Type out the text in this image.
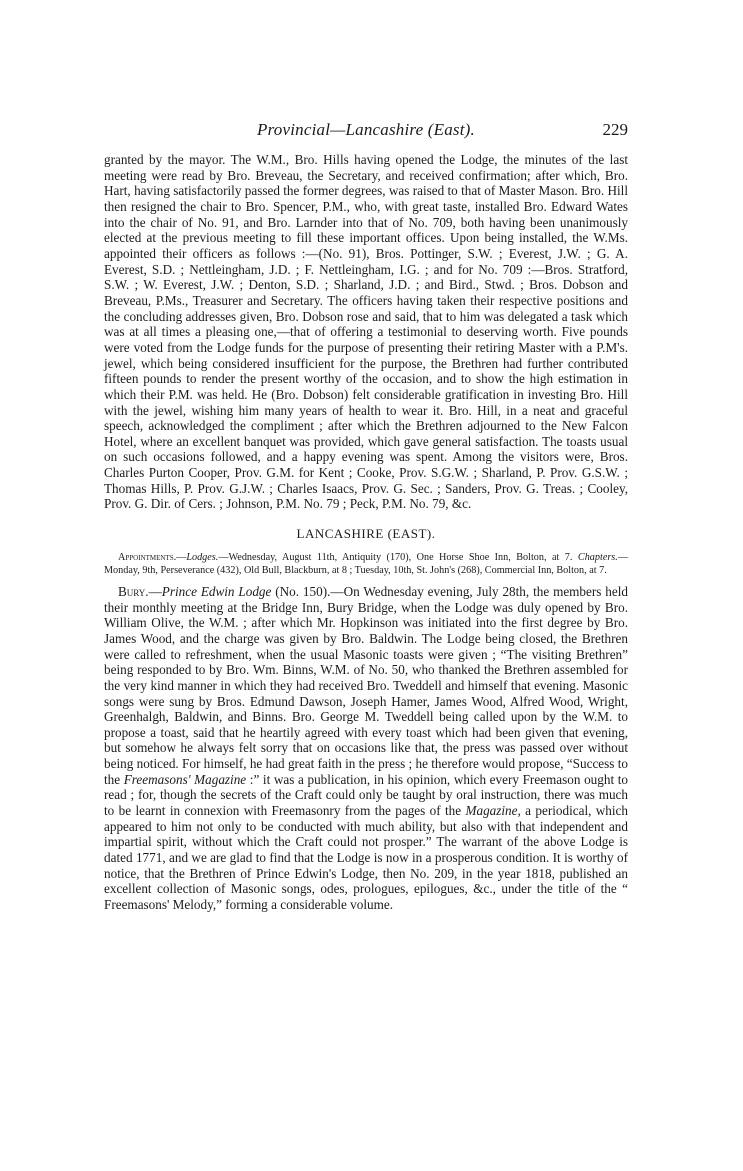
Provincial—Lancashire (East).	229

granted by the mayor. The W.M., Bro. Hills having opened the Lodge, the minutes of the last meeting were read by Bro. Breveau, the Secretary, and received confirmation; after which, Bro. Hart, having satisfactorily passed the former degrees, was raised to that of Master Mason. Bro. Hill then resigned the chair to Bro. Spencer, P.M., who, with great taste, installed Bro. Edward Wates into the chair of No. 91, and Bro. Larnder into that of No. 709, both having been unanimously elected at the previous meeting to fill these important offices. Upon being installed, the W.Ms. appointed their officers as follows :—(No. 91), Bros. Pottinger, S.W. ; Everest, J.W. ; G. A. Everest, S.D. ; Nettleingham, J.D. ; F. Nettleingham, I.G. ; and for No. 709 :—Bros. Stratford, S.W. ; W. Everest, J.W. ; Denton, S.D. ; Sharland, J.D. ; and Bird., Stwd. ; Bros. Dobson and Breveau, P.Ms., Treasurer and Secretary. The officers having taken their respective positions and the concluding addresses given, Bro. Dobson rose and said, that to him was delegated a task which was at all times a pleasing one,—that of offering a testimonial to deserving worth. Five pounds were voted from the Lodge funds for the purpose of presenting their retiring Master with a P.M's. jewel, which being considered insufficient for the purpose, the Brethren had further contributed fifteen pounds to render the present worthy of the occasion, and to show the high estimation in which their P.M. was held. He (Bro. Dobson) felt considerable gratification in investing Bro. Hill with the jewel, wishing him many years of health to wear it. Bro. Hill, in a neat and graceful speech, acknowledged the compliment ; after which the Brethren adjourned to the New Falcon Hotel, where an excellent banquet was provided, which gave general satisfaction. The toasts usual on such occasions followed, and a happy evening was spent. Among the visitors were, Bros. Charles Purton Cooper, Prov. G.M. for Kent ; Cooke, Prov. S.G.W. ; Sharland, P. Prov. G.S.W. ; Thomas Hills, P. Prov. G.J.W. ; Charles Isaacs, Prov. G. Sec. ; Sanders, Prov. G. Treas. ; Cooley, Prov. G. Dir. of Cers. ; Johnson, P.M. No. 79 ; Peck, P.M. No. 79, &c.

LANCASHIRE (EAST).
Appointments.—Lodges.—Wednesday, August 11th, Antiquity (170), One Horse Shoe Inn, Bolton, at 7. Chapters.—Monday, 9th, Perseverance (432), Old Bull, Blackburn, at 8 ; Tuesday, 10th, St. John's (268), Commercial Inn, Bolton, at 7.

Bury.—Prince Edwin Lodge (No. 150).—On Wednesday evening, July 28th, the members held their monthly meeting at the Bridge Inn, Bury Bridge, when the Lodge was duly opened by Bro. William Olive, the W.M. ; after which Mr. Hopkinson was initiated into the first degree by Bro. James Wood, and the charge was given by Bro. Baldwin. The Lodge being closed, the Brethren were called to refreshment, when the usual Masonic toasts were given ; “The visiting Brethren” being responded to by Bro. Wm. Binns, W.M. of No. 50, who thanked the Brethren assembled for the very kind manner in which they had received Bro. Tweddell and himself that evening. Masonic songs were sung by Bros. Edmund Dawson, Joseph Hamer, James Wood, Alfred Wood, Wright, Greenhalgh, Baldwin, and Binns. Bro. George M. Tweddell being called upon by the W.M. to propose a toast, said that he heartily agreed with every toast which had been given that evening, but somehow he always felt sorry that on occasions like that, the press was passed over without being noticed. For himself, he had great faith in the press ; he therefore would propose, “Success to the Freemasons' Magazine :” it was a publication, in his opinion, which every Freemason ought to read ; for, though the secrets of the Craft could only be taught by oral instruction, there was much to be learnt in connexion with Freemasonry from the pages of the Magazine, a periodical, which appeared to him not only to be conducted with much ability, but also with that independent and impartial spirit, without which the Craft could not prosper.” The warrant of the above Lodge is dated 1771, and we are glad to find that the Lodge is now in a prosperous condition. It is worthy of notice, that the Brethren of Prince Edwin's Lodge, then No. 209, in the year 1818, published an excellent collection of Masonic songs, odes, prologues, epilogues, &c., under the title of the “ Freemasons' Melody,” forming a considerable volume.
